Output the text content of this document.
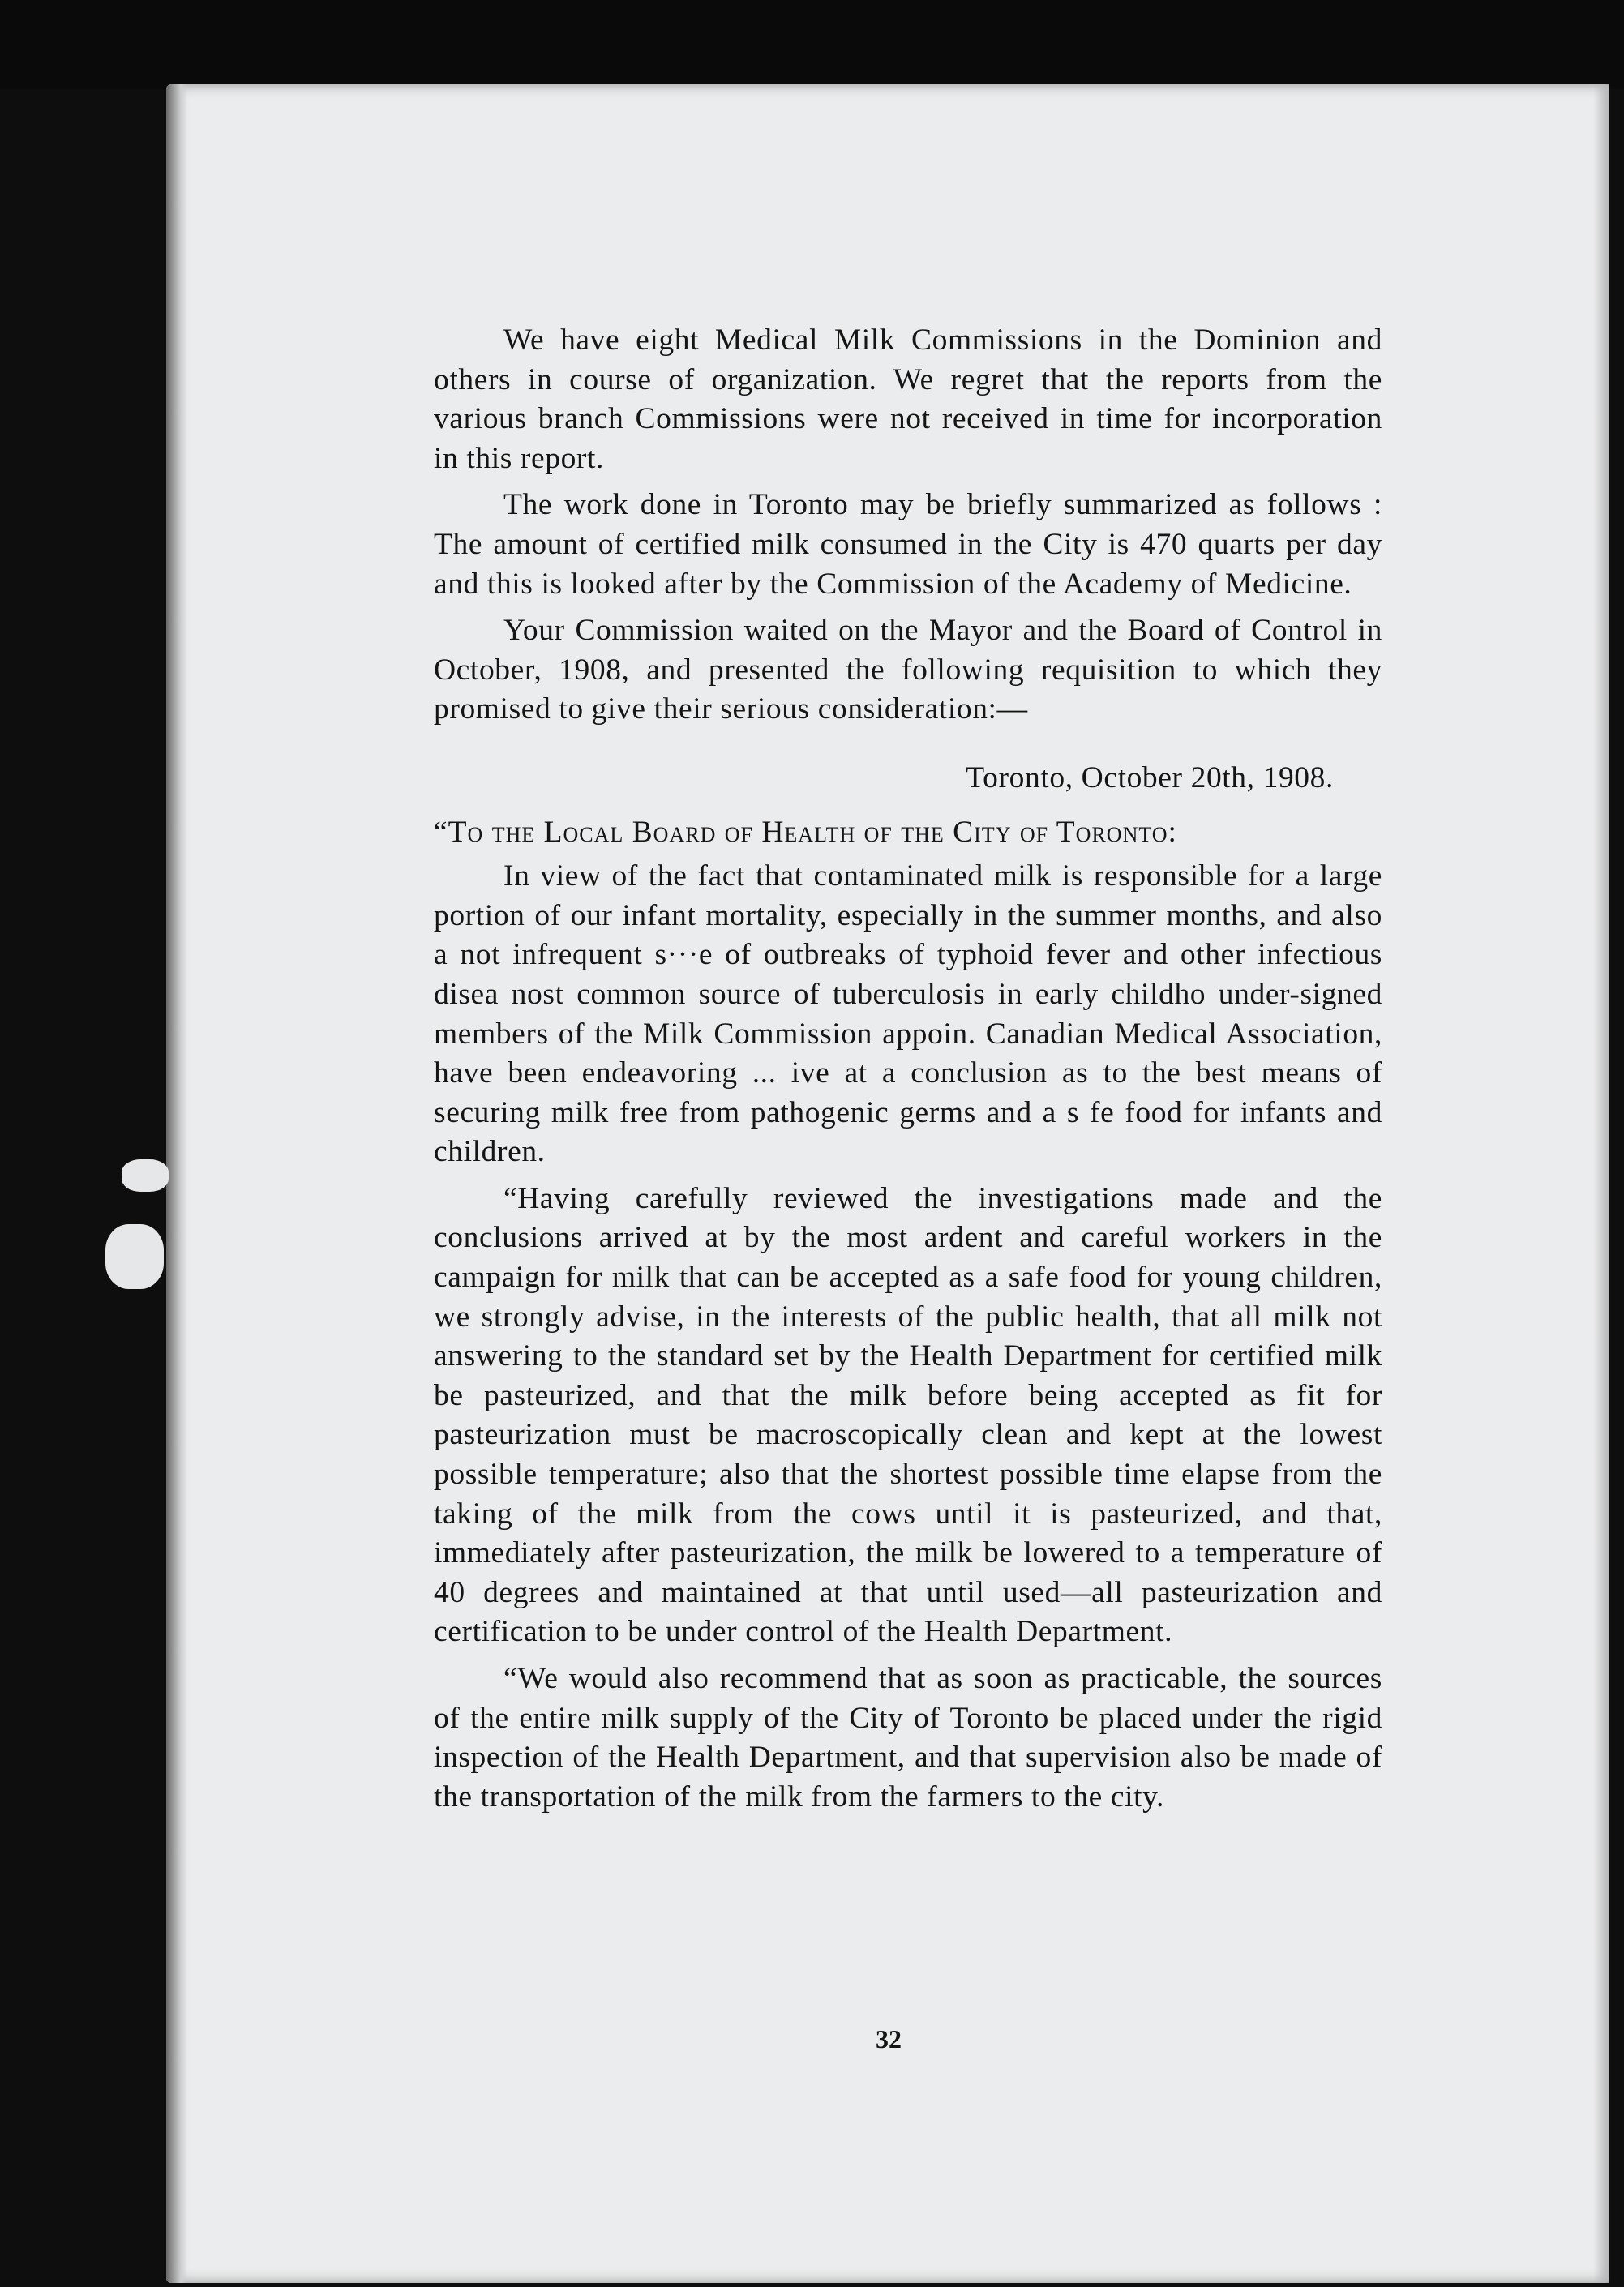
We have eight Medical Milk Commissions in the Dominion and others in course of organization. We regret that the reports from the various branch Commissions were not received in time for incorporation in this report.

The work done in Toronto may be briefly summarized as follows : The amount of certified milk consumed in the City is 470 quarts per day and this is looked after by the Commission of the Academy of Medicine.

Your Commission waited on the Mayor and the Board of Control in October, 1908, and presented the following requisition to which they promised to give their serious consideration:—

Toronto, October 20th, 1908.

“To the Local Board of Health of the City of Toronto:

In view of the fact that contaminated milk is responsible for a large portion of our infant mortality, especially in the summer months, and also a not infrequent s···e of outbreaks of typhoid fever and other infectious disea nost common source of tuberculosis in early childho under-signed members of the Milk Commission appoin. Canadian Medical Association, have been endeavoring ... ive at a conclusion as to the best means of securing milk free from pathogenic germs and a s fe food for infants and children.

“Having carefully reviewed the investigations made and the conclusions arrived at by the most ardent and careful workers in the campaign for milk that can be accepted as a safe food for young children, we strongly advise, in the interests of the public health, that all milk not answering to the standard set by the Health Department for certified milk be pasteurized, and that the milk before being accepted as fit for pasteurization must be macroscopically clean and kept at the lowest possible temperature; also that the shortest possible time elapse from the taking of the milk from the cows until it is pasteurized, and that, immediately after pasteurization, the milk be lowered to a temperature of 40 degrees and maintained at that until used—all pasteurization and certification to be under control of the Health Department.

“We would also recommend that as soon as practicable, the sources of the entire milk supply of the City of Toronto be placed under the rigid inspection of the Health Department, and that supervision also be made of the transportation of the milk from the farmers to the city.

32
